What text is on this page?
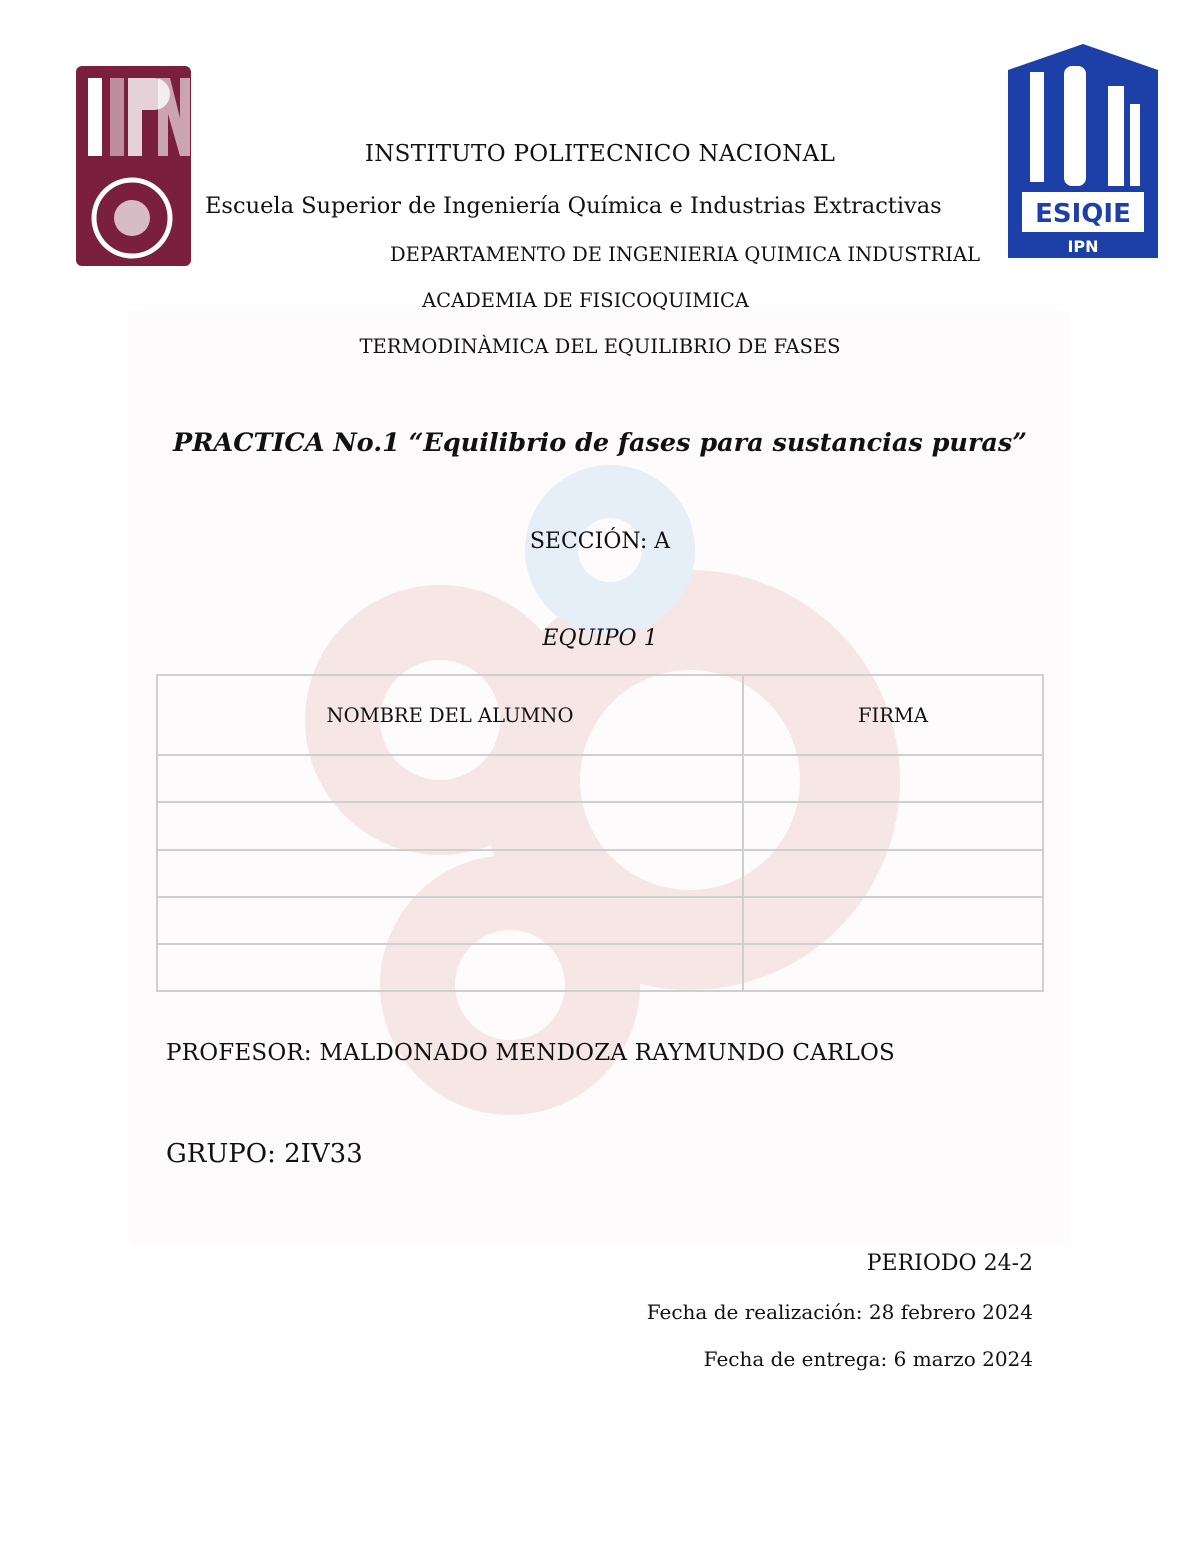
ESIQIE
IPN
INSTITUTO POLITECNICO NACIONAL
Escuela Superior de Ingeniería Química e Industrias Extractivas
DEPARTAMENTO DE INGENIERIA QUIMICA INDUSTRIAL
ACADEMIA DE FISICOQUIMICA
TERMODINÀMICA DEL EQUILIBRIO DE FASES
PRACTICA No.1 “Equilibrio de fases para sustancias puras”
SECCIÓN: A
EQUIPO 1
NOMBRE DEL ALUMNO	FIRMA

PROFESOR: MALDONADO MENDOZA RAYMUNDO CARLOS
GRUPO: 2IV33
PERIODO 24-2
Fecha de realización: 28 febrero 2024
Fecha de entrega: 6 marzo 2024
